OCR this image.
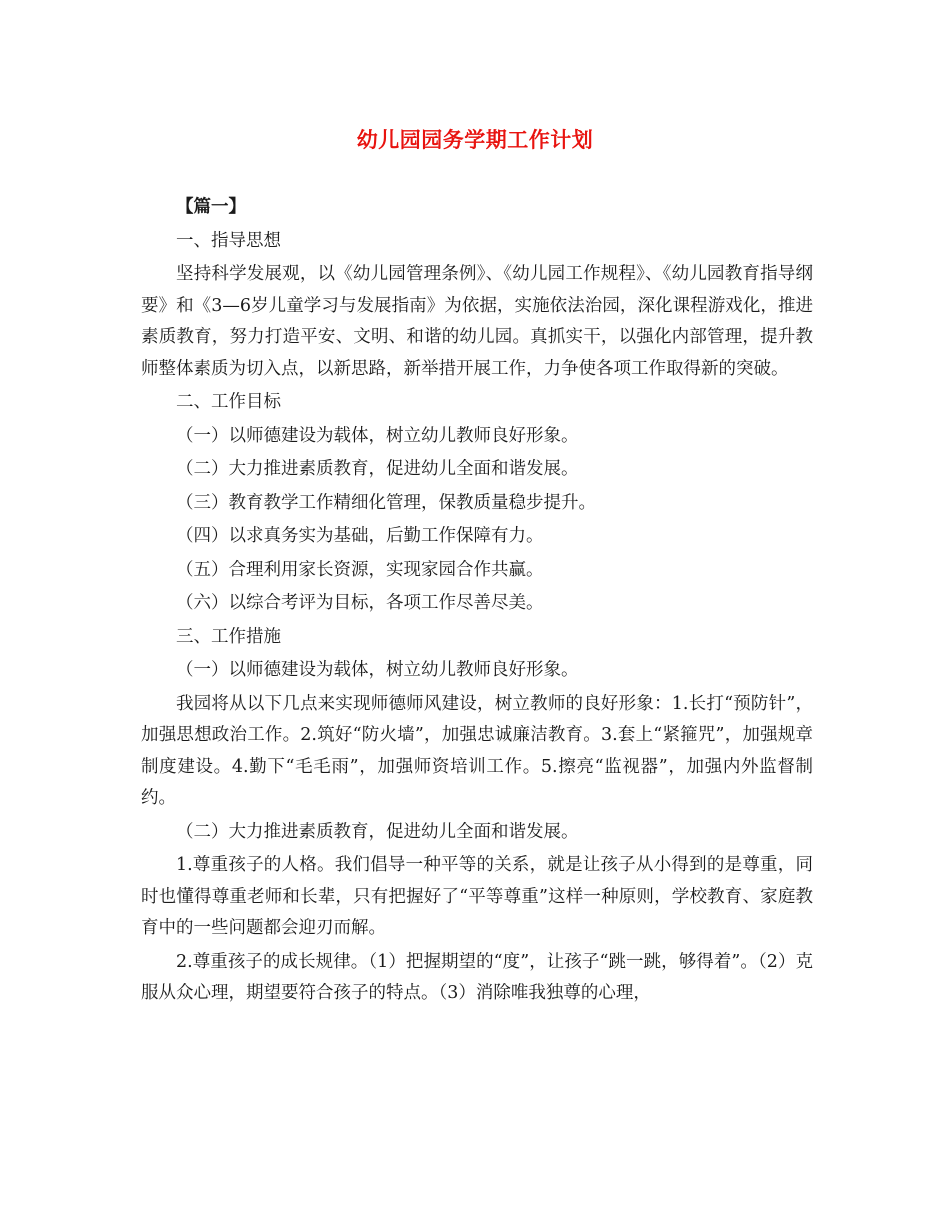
幼儿园园务学期工作计划

【篇一】

一、指导思想

坚持科学发展观，以《幼儿园管理条例》、《幼儿园工作规程》、《幼儿园教育指导纲要》和《3—6岁儿童学习与发展指南》为依据，实施依法治园，深化课程游戏化，推进素质教育，努力打造平安、文明、和谐的幼儿园。真抓实干，以强化内部管理，提升教师整体素质为切入点，以新思路，新举措开展工作，力争使各项工作取得新的突破。

二、工作目标

（一）以师德建设为载体，树立幼儿教师良好形象。

（二）大力推进素质教育，促进幼儿全面和谐发展。

（三）教育教学工作精细化管理，保教质量稳步提升。

（四）以求真务实为基础，后勤工作保障有力。

（五）合理利用家长资源，实现家园合作共赢。

（六）以综合考评为目标，各项工作尽善尽美。

三、工作措施

（一）以师德建设为载体，树立幼儿教师良好形象。

我园将从以下几点来实现师德师风建设，树立教师的良好形象：1.长打“预防针”，加强思想政治工作。2.筑好“防火墙”，加强忠诚廉洁教育。3.套上“紧箍咒”，加强规章制度建设。4.勤下“毛毛雨”，加强师资培训工作。5.擦亮“监视器”，加强内外监督制约。

（二）大力推进素质教育，促进幼儿全面和谐发展。

1.尊重孩子的人格。我们倡导一种平等的关系，就是让孩子从小得到的是尊重，同时也懂得尊重老师和长辈，只有把握好了“平等尊重”这样一种原则，学校教育、家庭教育中的一些问题都会迎刃而解。

2.尊重孩子的成长规律。（1）把握期望的“度”，让孩子“跳一跳，够得着”。（2）克服从众心理，期望要符合孩子的特点。（3）消除唯我独尊的心理，
